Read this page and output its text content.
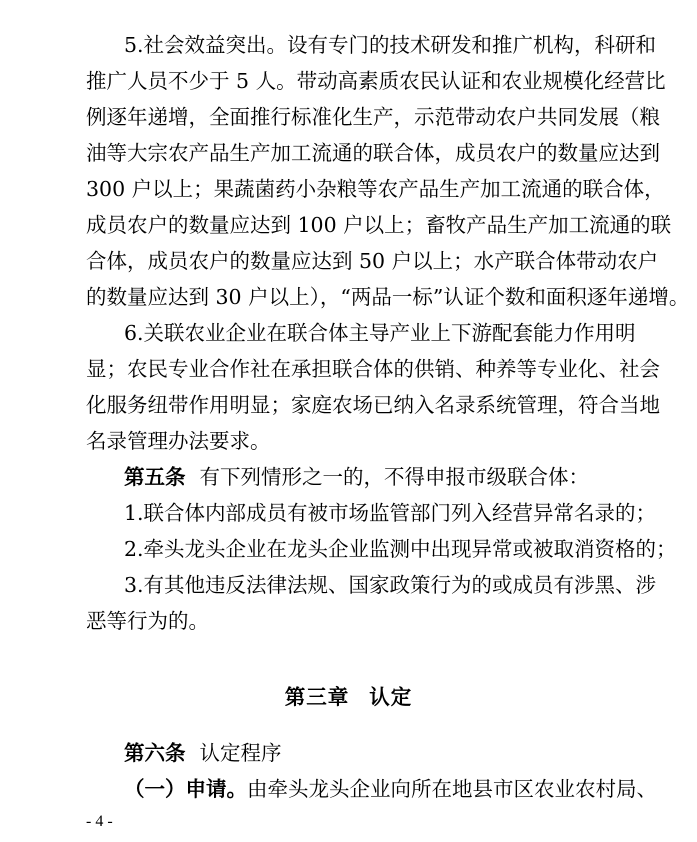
5.社会效益突出。设有专门的技术研发和推广机构，科研和
推广人员不少于 5 人。带动高素质农民认证和农业规模化经营比
例逐年递增，全面推行标准化生产，示范带动农户共同发展（粮
油等大宗农产品生产加工流通的联合体，成员农户的数量应达到
300 户以上；果蔬菌药小杂粮等农产品生产加工流通的联合体，
成员农户的数量应达到 100 户以上；畜牧产品生产加工流通的联
合体，成员农户的数量应达到 50 户以上；水产联合体带动农户
的数量应达到 30 户以上），“两品一标”认证个数和面积逐年递增。
6.关联农业企业在联合体主导产业上下游配套能力作用明
显；农民专业合作社在承担联合体的供销、种养等专业化、社会
化服务纽带作用明显；家庭农场已纳入名录系统管理，符合当地
名录管理办法要求。
第五条 有下列情形之一的，不得申报市级联合体：
1.联合体内部成员有被市场监管部门列入经营异常名录的；
2.牵头龙头企业在龙头企业监测中出现异常或被取消资格的；
3.有其他违反法律法规、国家政策行为的或成员有涉黑、涉
恶等行为的。
第三章 认定
第六条 认定程序
（一）申请。由牵头龙头企业向所在地县市区农业农村局、
- 4 -
